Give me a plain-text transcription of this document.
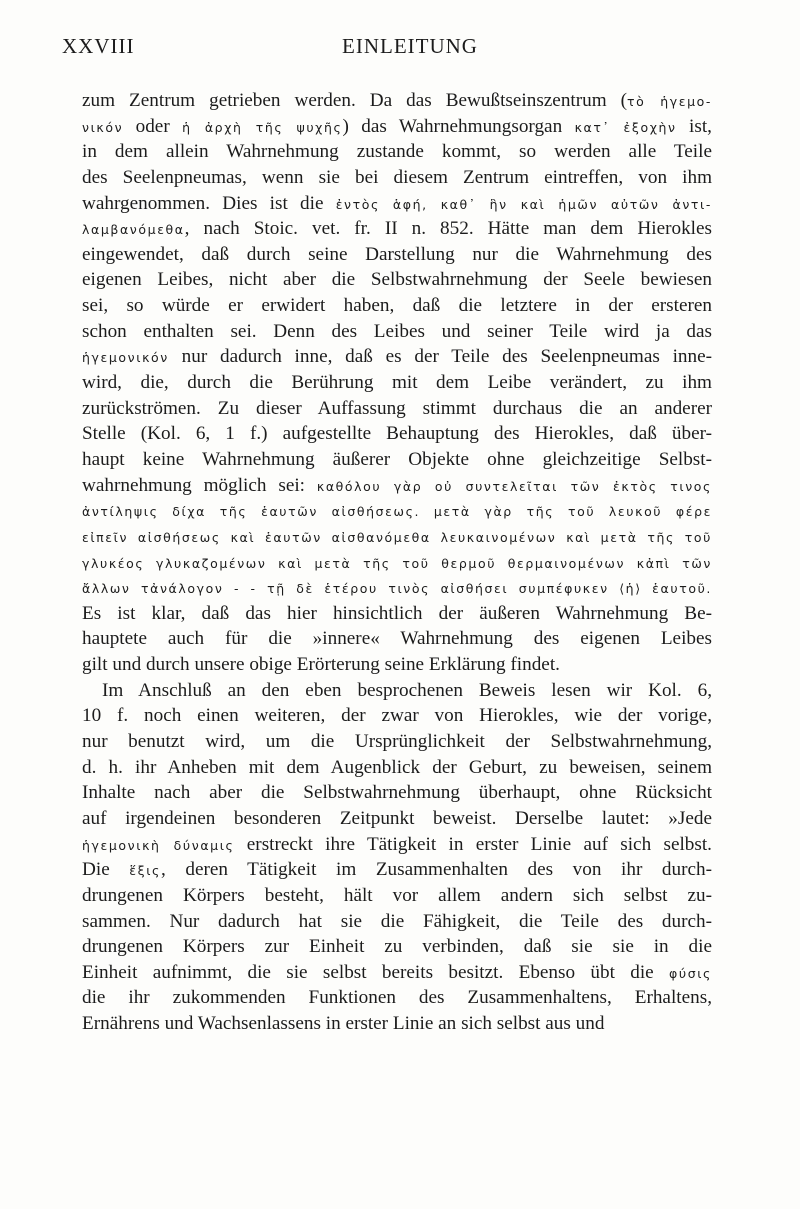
XXVIII	EINLEITUNG
zum Zentrum getrieben werden. Da das Bewußtseinszentrum (τὸ ἡγεμο-
νικόν oder ἡ ἀρχὴ τῆς ψυχῆς) das Wahrnehmungsorgan κατ᾽ ἐξοχὴν ist,
in dem allein Wahrnehmung zustande kommt, so werden alle Teile
des Seelenpneumas, wenn sie bei diesem Zentrum eintreffen, von ihm
wahrgenommen. Dies ist die ἐντὸς ἁφή, καθ᾽ ἣν καὶ ἡμῶν αὐτῶν ἀντι-
λαμβανόμεθα, nach Stoic. vet. fr. II n. 852. Hätte man dem Hierokles
eingewendet, daß durch seine Darstellung nur die Wahrnehmung des
eigenen Leibes, nicht aber die Selbstwahrnehmung der Seele bewiesen
sei, so würde er erwidert haben, daß die letztere in der ersteren
schon enthalten sei. Denn des Leibes und seiner Teile wird ja das
ἡγεμονικόν nur dadurch inne, daß es der Teile des Seelenpneumas inne-
wird, die, durch die Berührung mit dem Leibe verändert, zu ihm
zurückströmen. Zu dieser Auffassung stimmt durchaus die an anderer
Stelle (Kol. 6, 1 f.) aufgestellte Behauptung des Hierokles, daß über-
haupt keine Wahrnehmung äußerer Objekte ohne gleichzeitige Selbst-
wahrnehmung möglich sei: καθόλου γὰρ οὐ συντελεῖται τῶν ἐκτὸς τινος
ἀντίληψις δίχα τῆς ἑαυτῶν αἰσθήσεως. μετὰ γὰρ τῆς τοῦ λευκοῦ φέρε
εἰπεῖν αἰσθήσεως καὶ ἑαυτῶν αἰσθανόμεθα λευκαινομένων καὶ μετὰ τῆς τοῦ
γλυκέος γλυκαζομένων καὶ μετὰ τῆς τοῦ θερμοῦ θερμαινομένων κἀπὶ τῶν
ἄλλων τἀνάλογον - - τῇ δὲ ἑτέρου τινὸς αἰσθήσει συμπέφυκεν ⟨ἡ⟩ ἑαυτοῦ.
Es ist klar, daß das hier hinsichtlich der äußeren Wahrnehmung Be-
hauptete auch für die »innere« Wahrnehmung des eigenen Leibes
gilt und durch unsere obige Erörterung seine Erklärung findet.
Im Anschluß an den eben besprochenen Beweis lesen wir Kol. 6,
10 f. noch einen weiteren, der zwar von Hierokles, wie der vorige,
nur benutzt wird, um die Ursprünglichkeit der Selbstwahrnehmung,
d. h. ihr Anheben mit dem Augenblick der Geburt, zu beweisen, seinem
Inhalte nach aber die Selbstwahrnehmung überhaupt, ohne Rücksicht
auf irgendeinen besonderen Zeitpunkt beweist. Derselbe lautet: »Jede
ἡγεμονικὴ δύναμις erstreckt ihre Tätigkeit in erster Linie auf sich selbst.
Die ἕξις, deren Tätigkeit im Zusammenhalten des von ihr durch-
drungenen Körpers besteht, hält vor allem andern sich selbst zu-
sammen. Nur dadurch hat sie die Fähigkeit, die Teile des durch-
drungenen Körpers zur Einheit zu verbinden, daß sie sie in die
Einheit aufnimmt, die sie selbst bereits besitzt. Ebenso übt die φύσις
die ihr zukommenden Funktionen des Zusammenhaltens, Erhaltens,
Ernährens und Wachsenlassens in erster Linie an sich selbst aus und
